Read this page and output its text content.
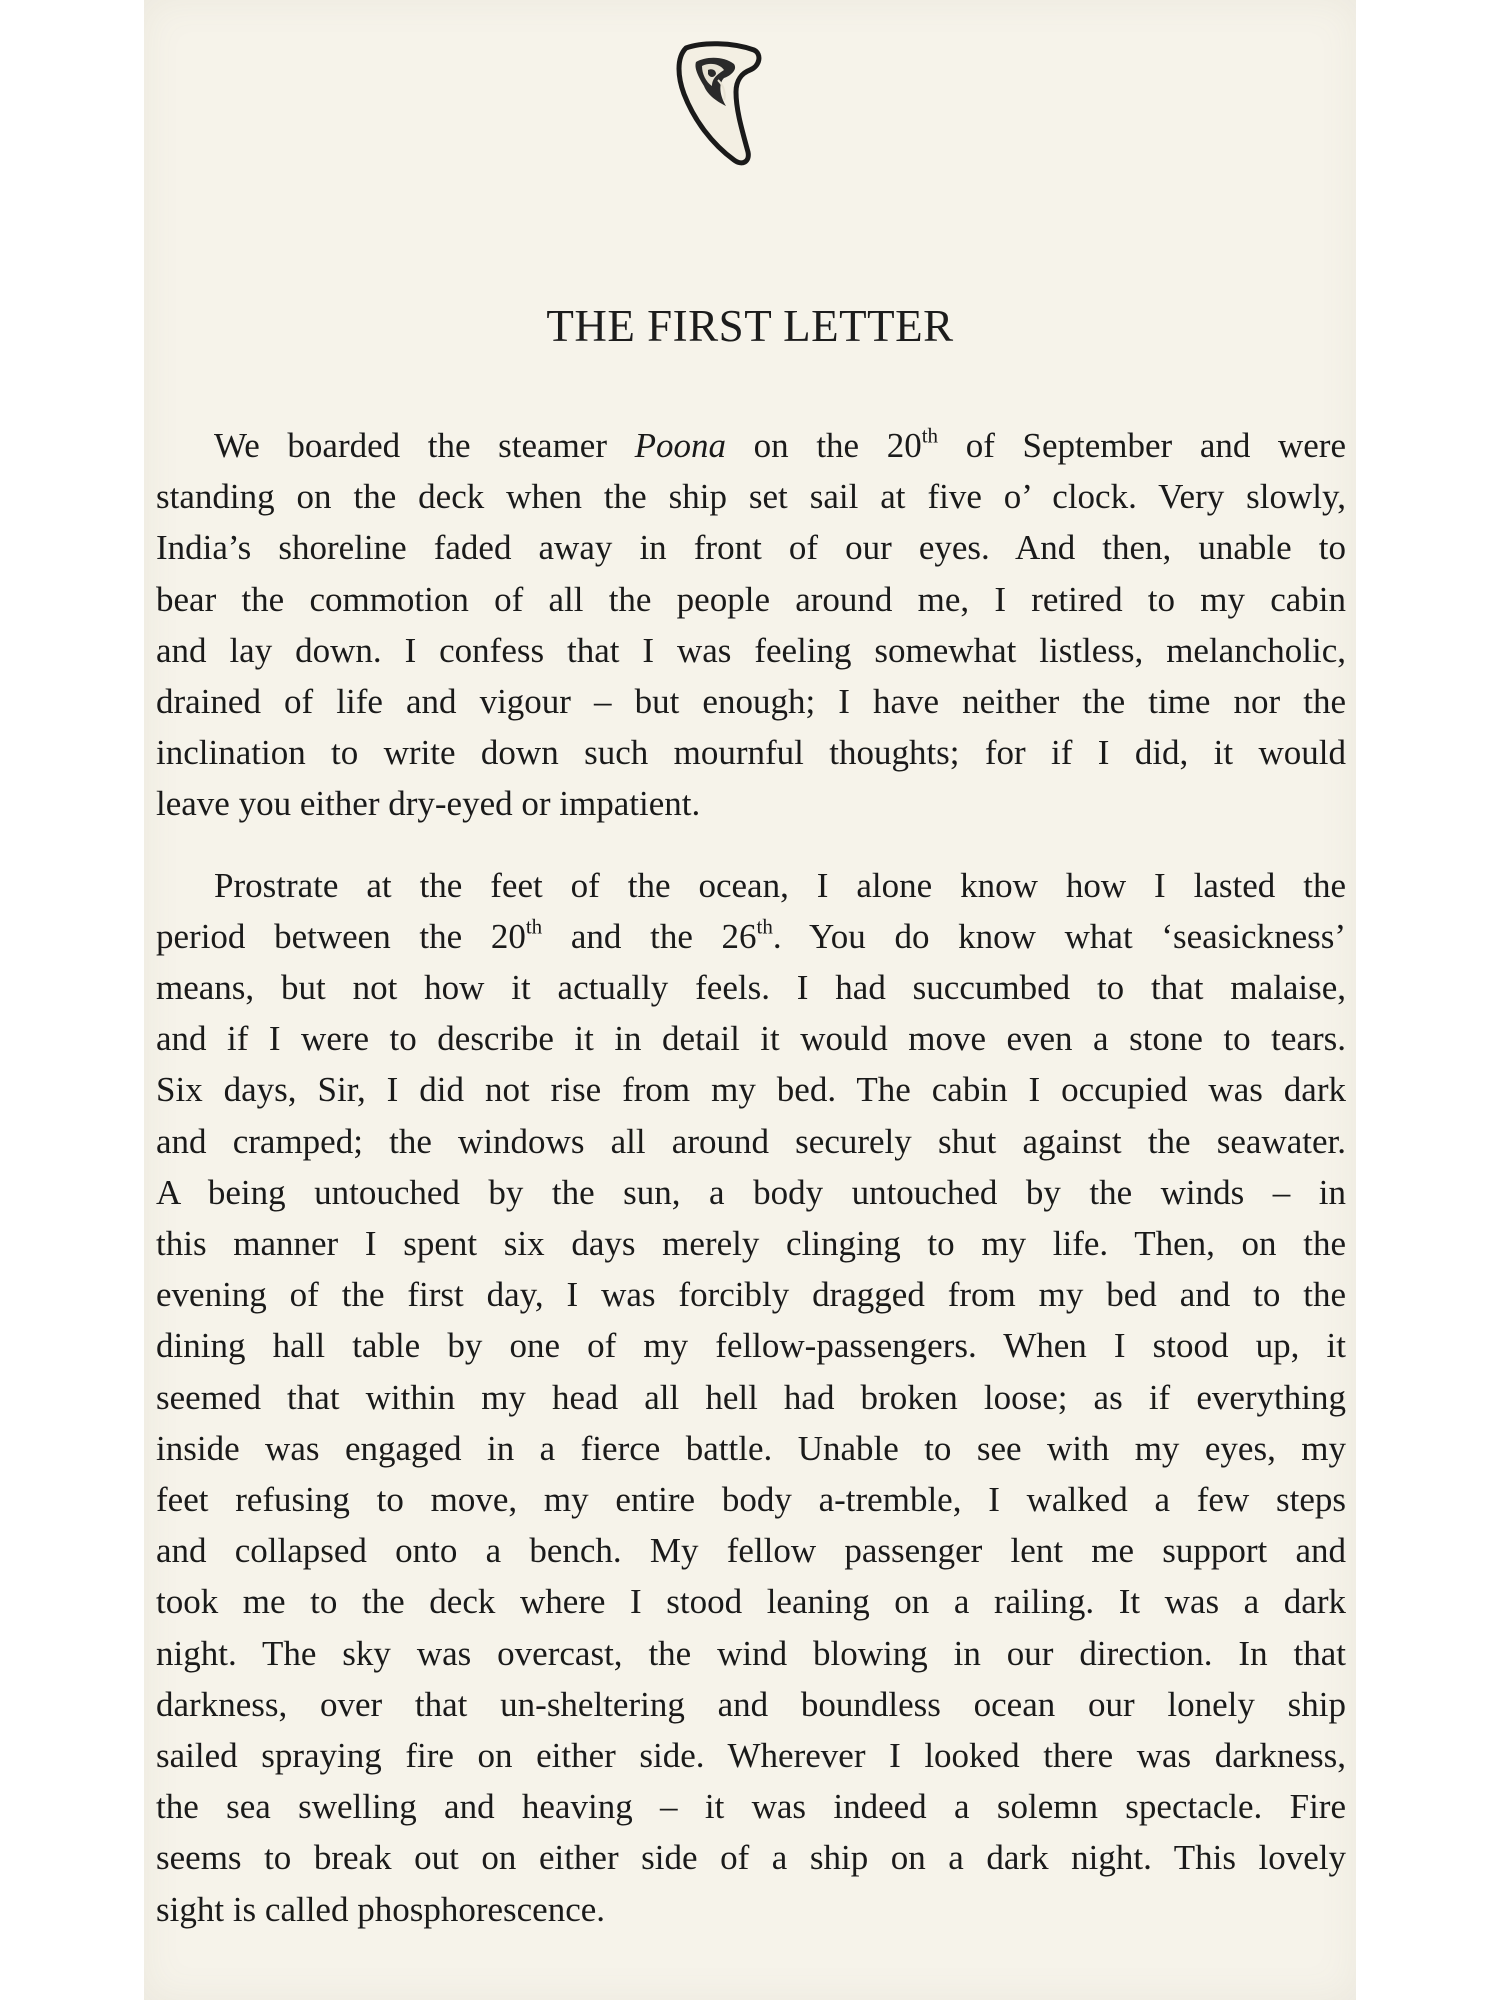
THE FIRST LETTER
We boarded the steamer Poona on the 20th of September and were
standing on the deck when the ship set sail at five o’ clock. Very slowly,
India’s shoreline faded away in front of our eyes. And then, unable to
bear the commotion of all the people around me, I retired to my cabin
and lay down. I confess that I was feeling somewhat listless, melancholic,
drained of life and vigour – but enough; I have neither the time nor the
inclination to write down such mournful thoughts; for if I did, it would
leave you either dry-eyed or impatient.
Prostrate at the feet of the ocean, I alone know how I lasted the
period between the 20th and the 26th. You do know what ‘seasickness’
means, but not how it actually feels. I had succumbed to that malaise,
and if I were to describe it in detail it would move even a stone to tears.
Six days, Sir, I did not rise from my bed. The cabin I occupied was dark
and cramped; the windows all around securely shut against the seawater.
A being untouched by the sun, a body untouched by the winds – in
this manner I spent six days merely clinging to my life. Then, on the
evening of the first day, I was forcibly dragged from my bed and to the
dining hall table by one of my fellow-passengers. When I stood up, it
seemed that within my head all hell had broken loose; as if everything
inside was engaged in a fierce battle. Unable to see with my eyes, my
feet refusing to move, my entire body a-tremble, I walked a few steps
and collapsed onto a bench. My fellow passenger lent me support and
took me to the deck where I stood leaning on a railing. It was a dark
night. The sky was overcast, the wind blowing in our direction. In that
darkness, over that un-sheltering and boundless ocean our lonely ship
sailed spraying fire on either side. Wherever I looked there was darkness,
the sea swelling and heaving – it was indeed a solemn spectacle. Fire
seems to break out on either side of a ship on a dark night. This lovely
sight is called phosphorescence.
